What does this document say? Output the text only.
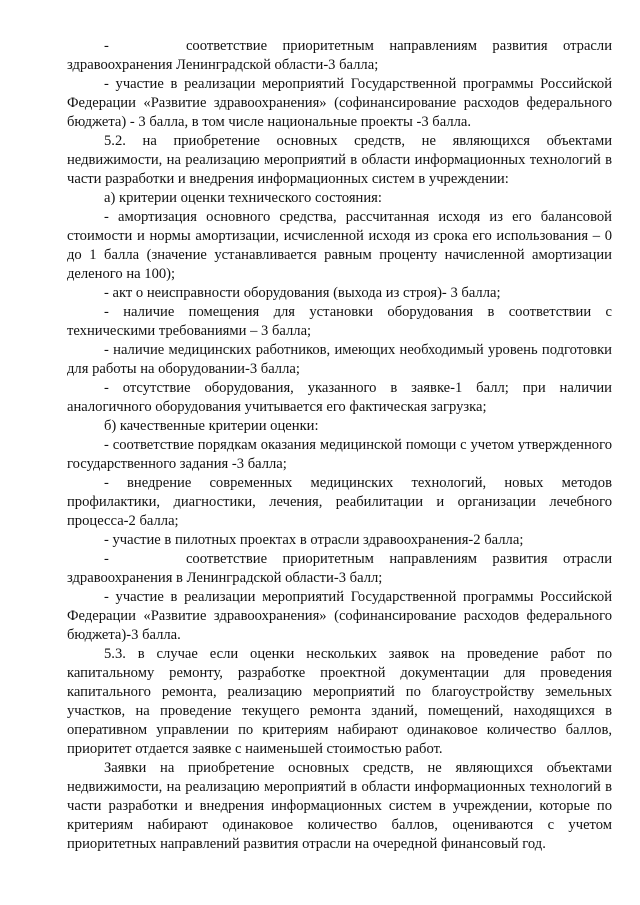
-     соответствие приоритетным направлениям развития отрасли здравоохранения Ленинградской области-3 балла;

- участие в реализации мероприятий Государственной программы Российской Федерации «Развитие здравоохранения» (софинансирование расходов федерального бюджета) - 3 балла, в том числе национальные проекты -3 балла.

5.2. на приобретение основных средств, не являющихся объектами недвижимости, на реализацию мероприятий в области информационных технологий в части разработки и внедрения информационных систем в учреждении:

а) критерии оценки технического состояния:

- амортизация основного средства, рассчитанная исходя из его балансовой стоимости и нормы амортизации, исчисленной исходя из срока его использования – 0 до 1 балла (значение устанавливается равным проценту начисленной амортизации деленого на 100);

- акт о неисправности оборудования (выхода из строя)- 3 балла;

- наличие помещения для установки оборудования в соответствии с техническими требованиями – 3 балла;

- наличие медицинских работников, имеющих необходимый уровень подготовки для работы на оборудовании-3 балла;

- отсутствие оборудования, указанного в заявке-1 балл; при наличии аналогичного оборудования учитывается его фактическая загрузка;

б) качественные критерии оценки:

- соответствие порядкам оказания медицинской помощи с учетом утвержденного государственного задания -3 балла;

- внедрение современных медицинских технологий, новых методов профилактики, диагностики, лечения, реабилитации и организации лечебного процесса-2 балла;

- участие в пилотных проектах в отрасли здравоохранения-2 балла;

-     соответствие приоритетным направлениям развития отрасли здравоохранения в Ленинградской области-3 балл;

- участие в реализации мероприятий Государственной программы Российской Федерации «Развитие здравоохранения» (софинансирование расходов федерального бюджета)-3 балла.

5.3. в случае если оценки нескольких заявок на проведение работ по капитальному ремонту, разработке проектной документации для проведения капитального ремонта, реализацию мероприятий по благоустройству земельных участков, на проведение текущего ремонта зданий, помещений, находящихся в оперативном управлении по критериям набирают одинаковое количество баллов, приоритет отдается заявке с наименьшей стоимостью работ.

Заявки на приобретение основных средств, не являющихся объектами недвижимости, на реализацию мероприятий в области информационных технологий в части разработки и внедрения информационных систем в учреждении, которые по критериям набирают одинаковое количество баллов, оцениваются с учетом приоритетных направлений развития отрасли на очередной финансовый год.
